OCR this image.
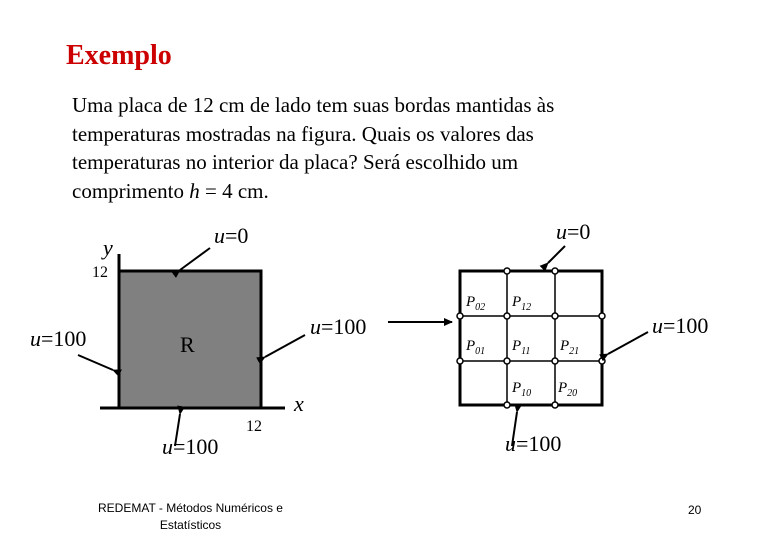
Exemplo

Uma placa de 12 cm de lado tem suas bordas mantidas às

temperaturas mostradas na figura. Quais os valores das

temperaturas no interior da placa? Será escolhido um

comprimento h = 4 cm.

y
12
u=0
u=100	R
u=100
x
12
u=100
u=0
u=100
u=100
$P_{02}$ $P_{12}$
$P_{01}$ $P_{11}$ $P_{21}$
$P_{10}$ $P_{20}$
REDEMAT - Métodos Numéricos e
Estatísticos
20
